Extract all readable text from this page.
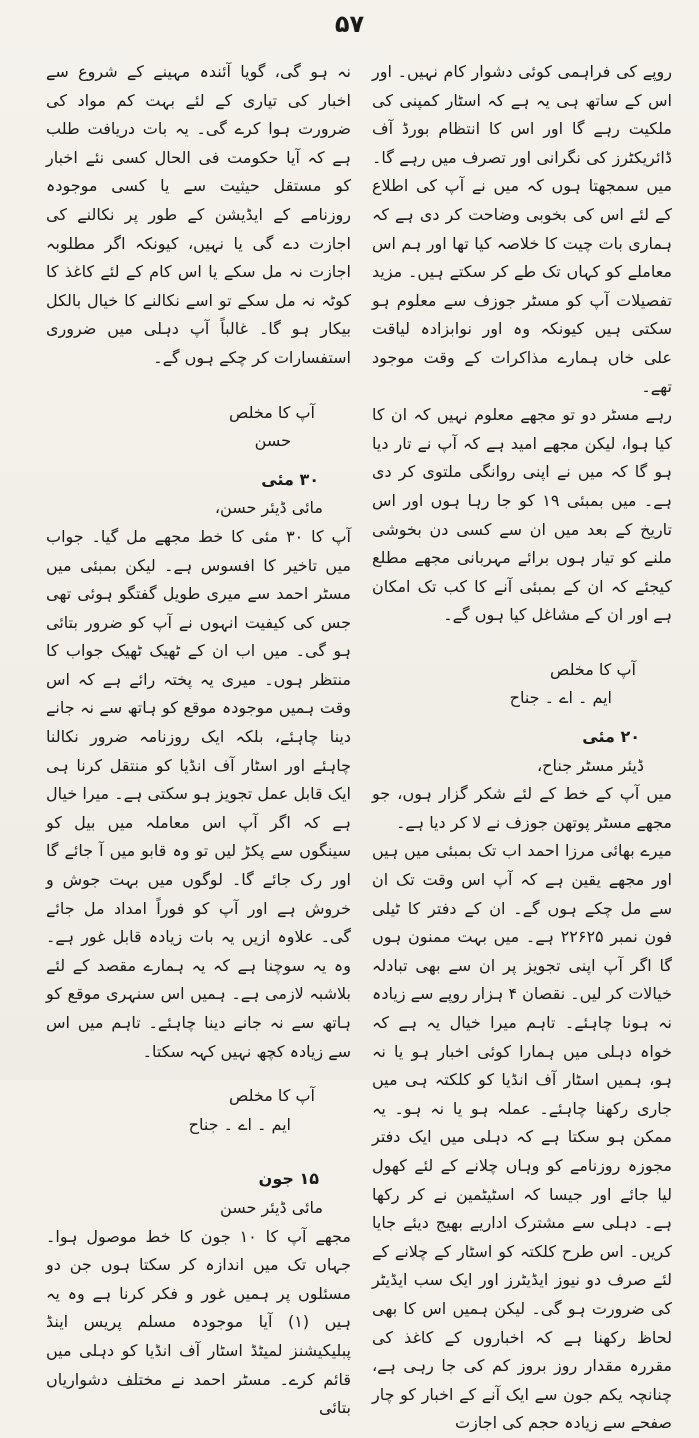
۵۷

روپے کی فراہمی کوئی دشوار کام نہیں۔ اور اس کے ساتھ ہی یہ ہے کہ اسٹار کمپنی کی ملکیت رہے گا اور اس کا انتظام بورڈ آف ڈائریکٹرز کی نگرانی اور تصرف میں رہے گا۔ میں سمجھتا ہوں کہ میں نے آپ کی اطلاع کے لئے اس کی بخوبی وضاحت کر دی ہے کہ ہماری بات چیت کا خلاصہ کیا تھا اور ہم اس معاملے کو کہاں تک طے کر سکتے ہیں۔ مزید تفصیلات آپ کو مسٹر جوزف سے معلوم ہو سکتی ہیں کیونکہ وہ اور نوابزادہ لیاقت علی خاں ہمارے مذاکرات کے وقت موجود تھے۔

رہے مسٹر دو تو مجھے معلوم نہیں کہ ان کا کیا ہوا، لیکن مجھے امید ہے کہ آپ نے تار دیا ہو گا کہ میں نے اپنی روانگی ملتوی کر دی ہے۔ میں بمبئی ۱۹ کو جا رہا ہوں اور اس تاریخ کے بعد میں ان سے کسی دن بخوشی ملنے کو تیار ہوں برائے مہربانی مجھے مطلع کیجئے کہ ان کے بمبئی آنے کا کب تک امکان ہے اور ان کے مشاغل کیا ہوں گے۔

آپ کا مخلص

ایم ۔ اے ۔ جناح

۲۰ مئی

ڈیئر مسٹر جناح،

میں آپ کے خط کے لئے شکر گزار ہوں، جو مجھے مسٹر پوتھن جوزف نے لا کر دیا ہے۔

میرے بھائی مرزا احمد اب تک بمبئی میں ہیں اور مجھے یقین ہے کہ آپ اس وقت تک ان سے مل چکے ہوں گے۔ ان کے دفتر کا ٹیلی فون نمبر ۲۲۶۲۵ ہے۔ میں بہت ممنون ہوں گا اگر آپ اپنی تجویز پر ان سے بھی تبادلہ خیالات کر لیں۔ نقصان ۴ ہزار روپے سے زیادہ نہ ہونا چاہئے۔ تاہم میرا خیال یہ ہے کہ خواہ دہلی میں ہمارا کوئی اخبار ہو یا نہ ہو، ہمیں اسٹار آف انڈیا کو کلکتہ ہی میں جاری رکھنا چاہئے۔ عملہ ہو یا نہ ہو۔ یہ ممکن ہو سکتا ہے کہ دہلی میں ایک دفتر مجوزہ روزنامے کو وہاں چلانے کے لئے کھول لیا جائے اور جیسا کہ اسٹیٹمین نے کر رکھا ہے۔ دہلی سے مشترک اداریے بھیج دیئے جایا کریں۔ اس طرح کلکتہ کو اسٹار کے چلانے کے لئے صرف دو نیوز ایڈیٹرز اور ایک سب ایڈیٹر کی ضرورت ہو گی۔ لیکن ہمیں اس کا بھی لحاظ رکھنا ہے کہ اخباروں کے کاغذ کی مقررہ مقدار روز بروز کم کی جا رہی ہے، چنانچہ یکم جون سے ایک آنے کے اخبار کو چار صفحے سے زیادہ حجم کی اجازت

نہ ہو گی، گویا آئندہ مہینے کے شروع سے اخبار کی تیاری کے لئے بہت کم مواد کی ضرورت ہوا کرے گی۔ یہ بات دریافت طلب ہے کہ آیا حکومت فی الحال کسی نئے اخبار کو مستقل حیثیت سے یا کسی موجودہ روزنامے کے ایڈیشن کے طور پر نکالنے کی اجازت دے گی یا نہیں، کیونکہ اگر مطلوبہ اجازت نہ مل سکے یا اس کام کے لئے کاغذ کا کوٹہ نہ مل سکے تو اسے نکالنے کا خیال بالکل بیکار ہو گا۔ غالباً آپ دہلی میں ضروری استفسارات کر چکے ہوں گے۔

آپ کا مخلص

حسن

۳۰ مئی

مائی ڈیئر حسن،

آپ کا ۳۰ مئی کا خط مجھے مل گیا۔ جواب میں تاخیر کا افسوس ہے۔ لیکن بمبئی میں مسٹر احمد سے میری طویل گفتگو ہوئی تھی جس کی کیفیت انہوں نے آپ کو ضرور بتائی ہو گی۔ میں اب ان کے ٹھیک ٹھیک جواب کا منتظر ہوں۔ میری یہ پختہ رائے ہے کہ اس وقت ہمیں موجودہ موقع کو ہاتھ سے نہ جانے دینا چاہئے، بلکہ ایک روزنامہ ضرور نکالنا چاہئے اور اسٹار آف انڈیا کو منتقل کرنا ہی ایک قابل عمل تجویز ہو سکتی ہے۔ میرا خیال ہے کہ اگر آپ اس معاملہ میں بیل کو سینگوں سے پکڑ لیں تو وہ قابو میں آ جائے گا اور رک جائے گا۔ لوگوں میں بہت جوش و خروش ہے اور آپ کو فوراً امداد مل جائے گی۔ علاوہ ازیں یہ بات زیادہ قابل غور ہے۔ وہ یہ سوچنا ہے کہ یہ ہمارے مقصد کے لئے بلاشبہ لازمی ہے۔ ہمیں اس سنہری موقع کو ہاتھ سے نہ جانے دینا چاہئے۔ تاہم میں اس سے زیادہ کچھ نہیں کہہ سکتا۔

آپ کا مخلص

ایم ۔ اے ۔ جناح

۱۵ جون

مائی ڈیئر حسن

مجھے آپ کا ۱۰ جون کا خط موصول ہوا۔ جہاں تک میں اندازہ کر سکتا ہوں جن دو مسئلوں پر ہمیں غور و فکر کرنا ہے وہ یہ ہیں (۱) آیا موجودہ مسلم پریس اینڈ پبلیکیشنز لمیٹڈ اسٹار آف انڈیا کو دہلی میں قائم کرے۔ مسٹر احمد نے مختلف دشواریاں بتائی
